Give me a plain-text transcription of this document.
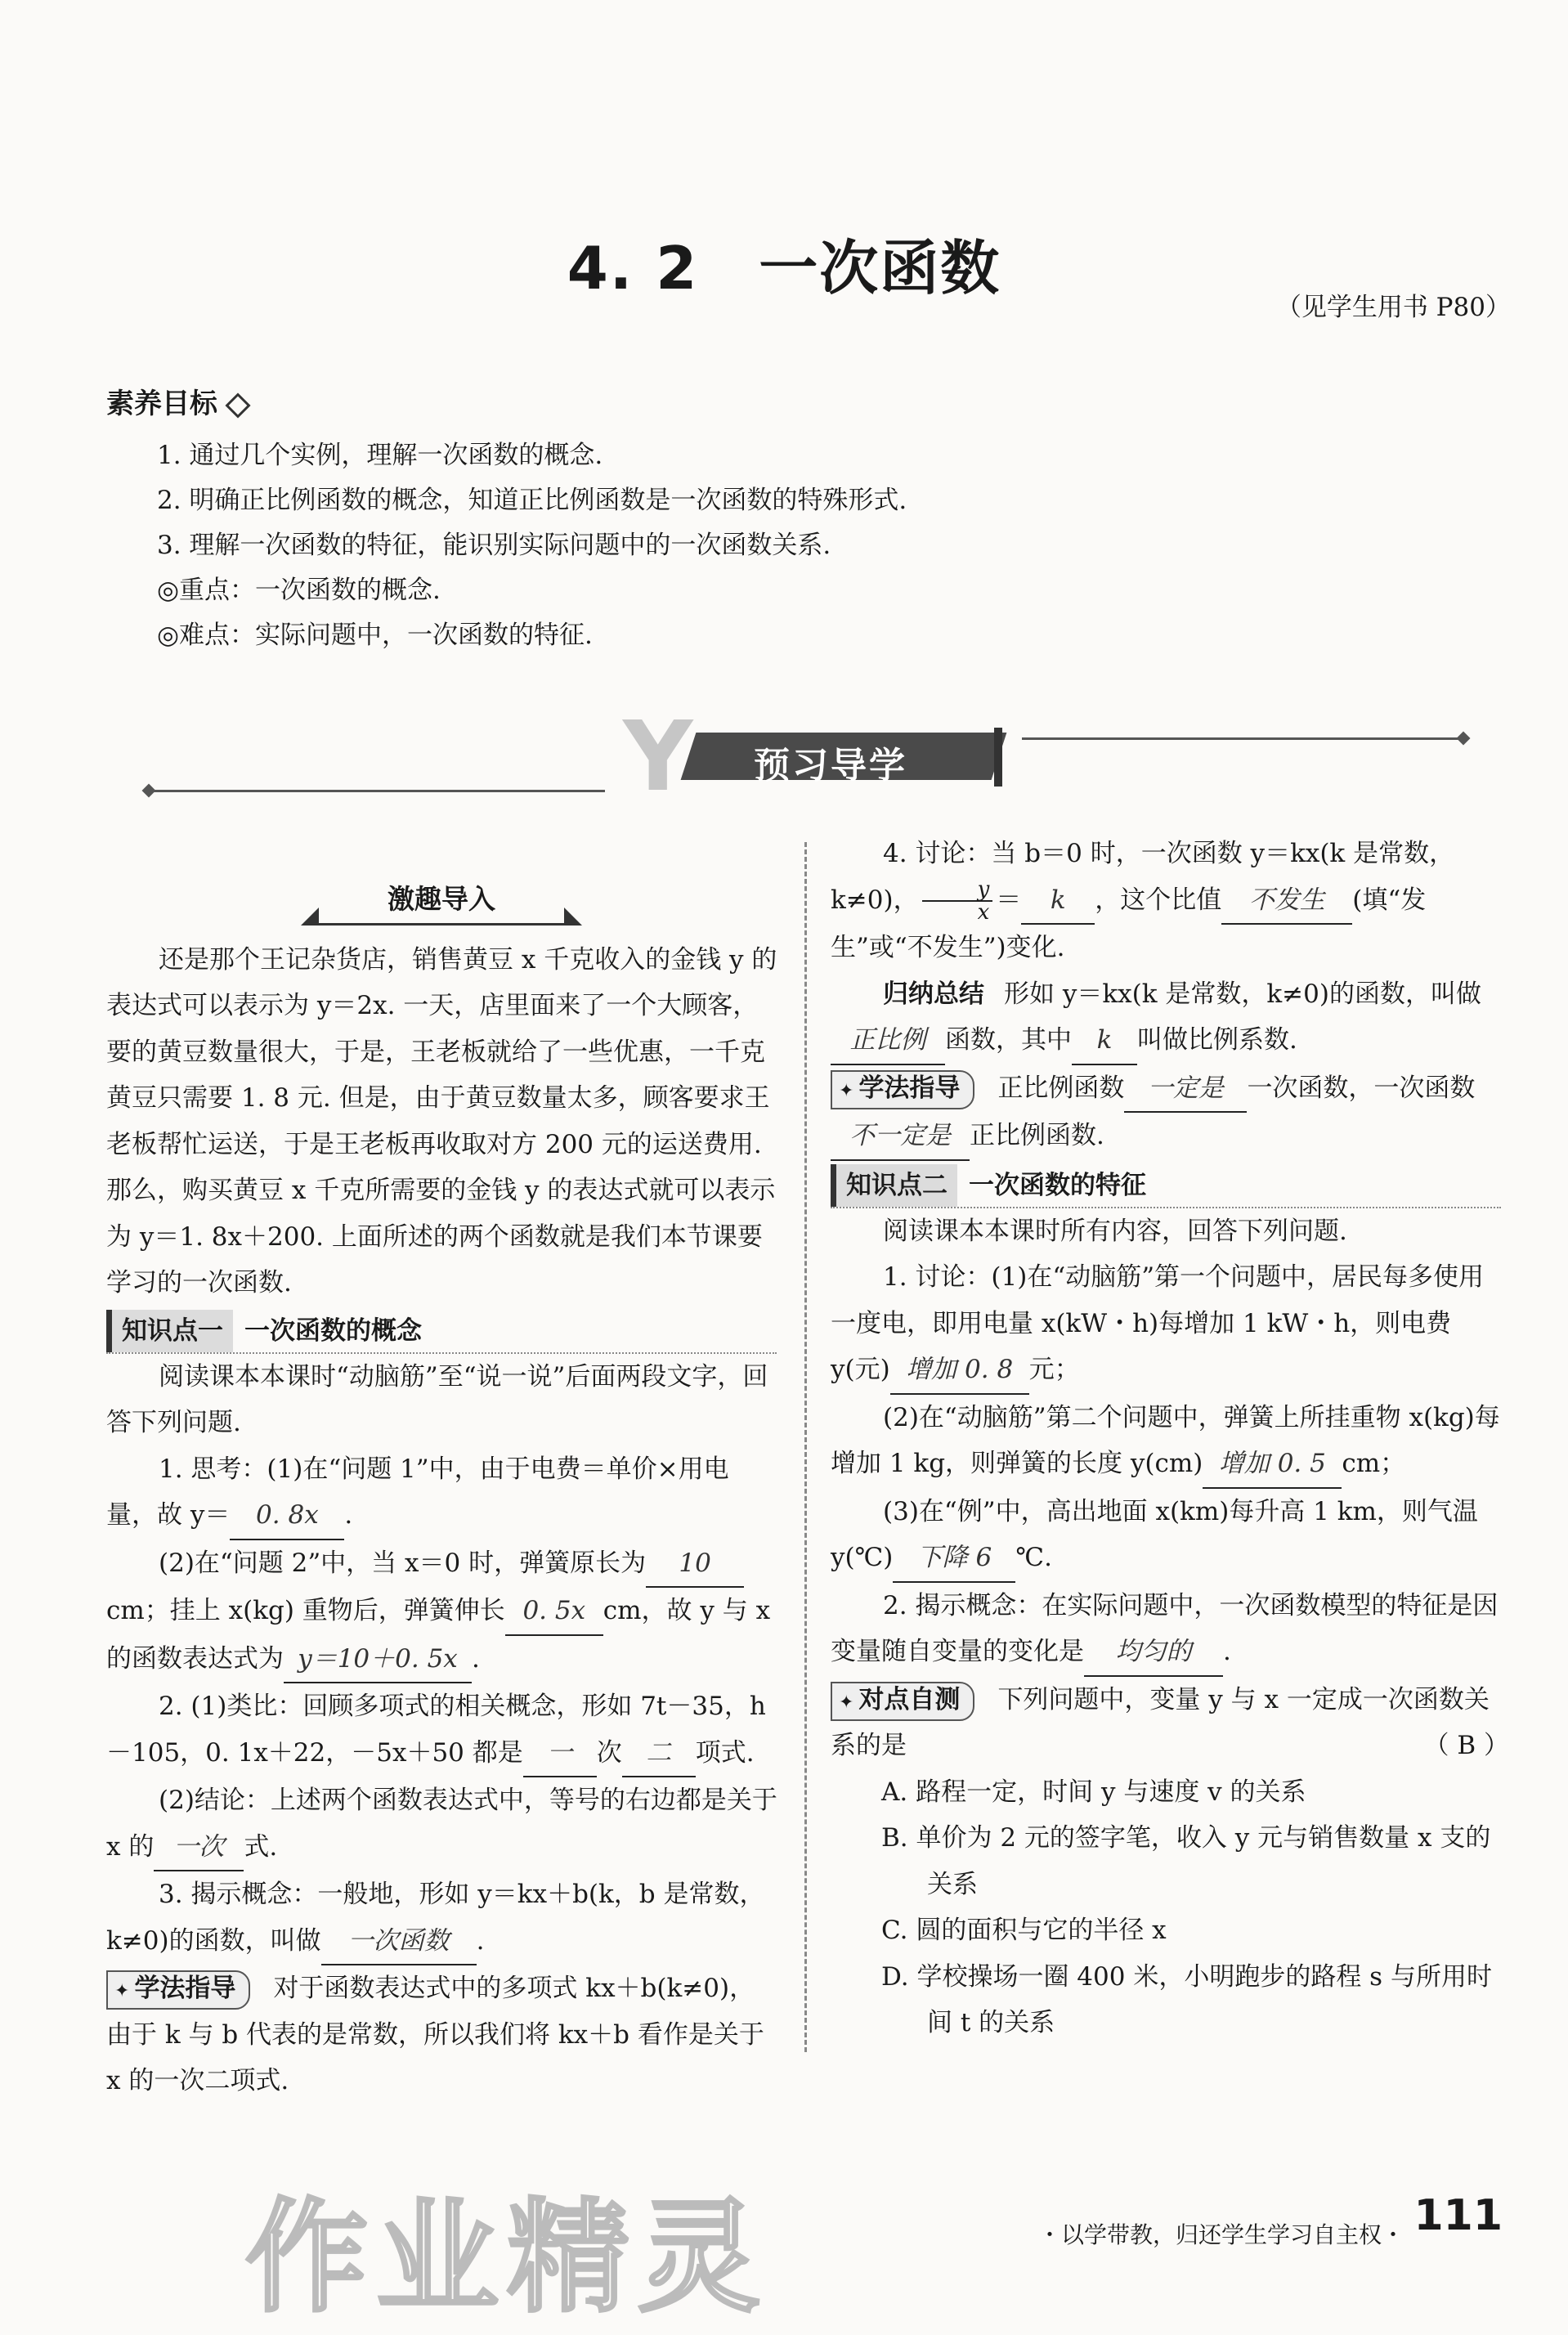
4. 2　一次函数
（见学生用书 P80）
素养目标
1. 通过几个实例，理解一次函数的概念.
2. 明确正比例函数的概念，知道正比例函数是一次函数的特殊形式.
3. 理解一次函数的特征，能识别实际问题中的一次函数关系.
◎重点：一次函数的概念.
◎难点：实际问题中，一次函数的特征.
Y 预习导学
激趣导入

还是那个王记杂货店，销售黄豆 x 千克收入的金钱 y 的表达式可以表示为 y＝2x. 一天，店里面来了一个大顾客，要的黄豆数量很大，于是，王老板就给了一些优惠，一千克黄豆只需要 1. 8 元. 但是，由于黄豆数量太多，顾客要求王老板帮忙运送，于是王老板再收取对方 200 元的运送费用. 那么，购买黄豆 x 千克所需要的金钱 y 的表达式就可以表示为 y＝1. 8x＋200. 上面所述的两个函数就是我们本节课要学习的一次函数.

知识点一 一次函数的概念

阅读课本本课时“动脑筋”至“说一说”后面两段文字，回答下列问题.

1. 思考：(1)在“问题 1”中，由于电费＝单价×用电量，故 y＝ 0. 8x .

(2)在“问题 2”中，当 x＝0 时，弹簧原长为 10cm；挂上 x(kg) 重物后，弹簧伸长 0. 5x cm，故 y 与 x 的函数表达式为 y＝10＋0. 5x .

2. (1)类比：回顾多项式的相关概念，形如 7t－35，h－105，0. 1x＋22，－5x＋50 都是 一 次 二 项式.

(2)结论：上述两个函数表达式中，等号的右边都是关于 x 的 一次 式.

3. 揭示概念：一般地，形如 y＝kx＋b(k，b 是常数，k≠0)的函数，叫做 一次函数 .

✦ 学法指导 对于函数表达式中的多项式 kx＋b(k≠0)，由于 k 与 b 代表的是常数，所以我们将 kx＋b 看作是关于 x 的一次二项式.

4. 讨论：当 b＝0 时，一次函数 y＝kx(k 是常数，k≠0)， $\frac{y}{x} = k$ ，这个比值 不发生 (填“发生”或“不发生”)变化.

归纳总结 形如 y＝kx(k 是常数，k≠0)的函数，叫做正比例 函数，其中 k 叫做比例系数.

✦ 学法指导 正比例函数 一定是 一次函数，一次函数不一定是 正比例函数.

知识点二 一次函数的特征

阅读课本本课时所有内容，回答下列问题.

1. 讨论：(1)在“动脑筋”第一个问题中，居民每多使用一度电，即用电量 x(kW・h)每增加 1 kW・h，则电费 y(元) 增加 0. 8 元；

(2)在“动脑筋”第二个问题中，弹簧上所挂重物 x(kg)每增加 1 kg，则弹簧的长度 y(cm) 增加 0. 5 cm；

(3)在“例”中，高出地面 x(km)每升高 1 km，则气温 y(℃) 下降 6 ℃.

2. 揭示概念：在实际问题中，一次函数模型的特征是因变量随自变量的变化是 均匀的 .

✦ 对点自测 下列问题中，变量 y 与 x 一定成一次函数关系的是	（ B ）

A. 路程一定，时间 y 与速度 v 的关系

B. 单价为 2 元的签字笔，收入 y 元与销售数量 x 支的关系

C. 圆的面积与它的半径 x

D. 学校操场一圈 400 米，小明跑步的路程 s 与所用时间 t 的关系

作业精灵	・以学带教，归还学生学习自主权・ 111
